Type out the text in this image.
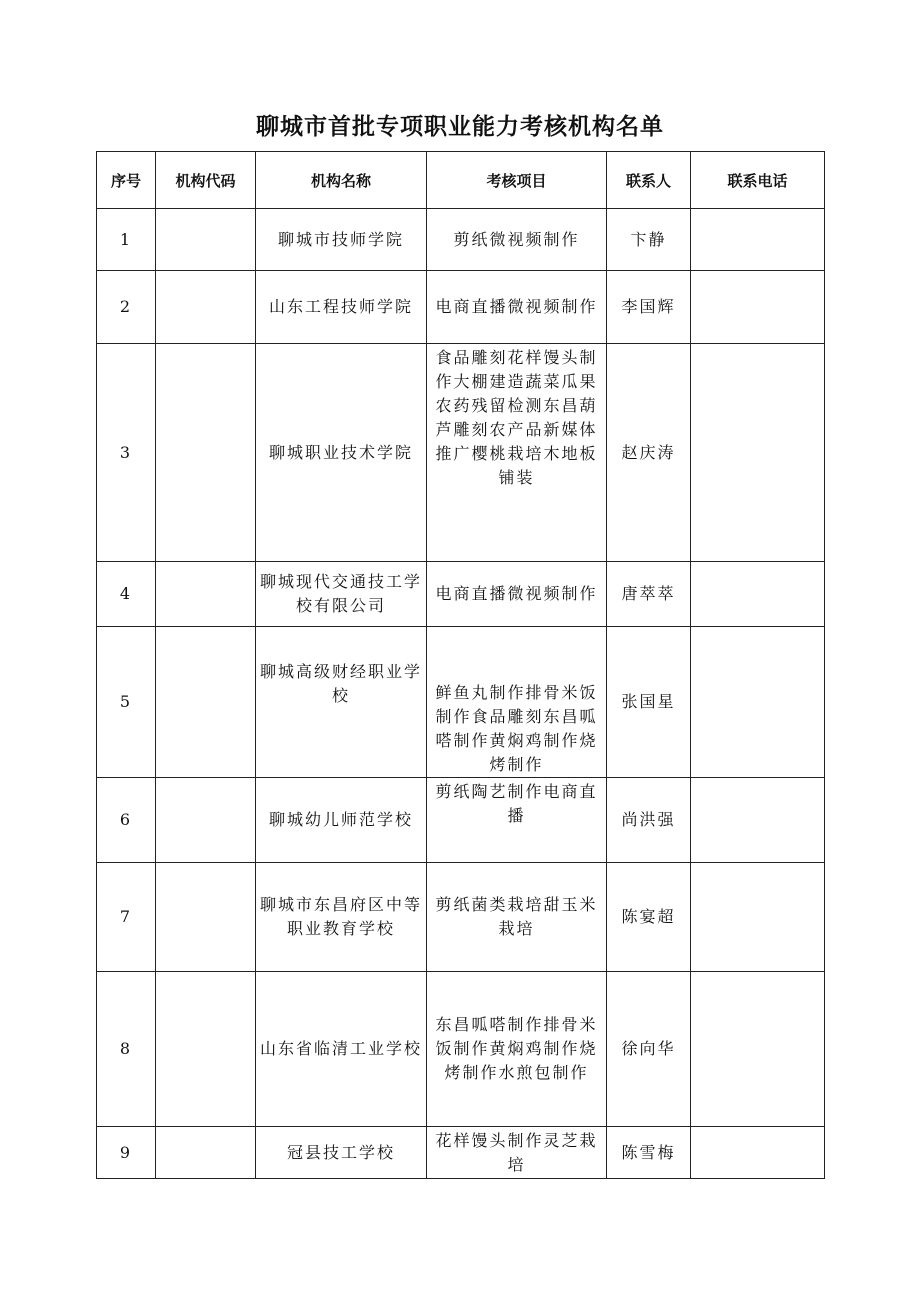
聊城市首批专项职业能力考核机构名单
序号	机构代码	机构名称	考核项目	联系人	联系电话
1		聊城市技师学院	剪纸微视频制作	卞静	
2		山东工程技师学院	电商直播微视频制作	李国辉	
3		聊城职业技术学院	食品雕刻花样馒头制作大棚建造蔬菜瓜果农药残留检测东昌葫芦雕刻农产品新媒体推广樱桃栽培木地板铺装	赵庆涛	
4		聊城现代交通技工学校有限公司	电商直播微视频制作	唐萃萃	
5		聊城高级财经职业学校	鲜鱼丸制作排骨米饭制作食品雕刻东昌呱嗒制作黄焖鸡制作烧烤制作	张国星	
6		聊城幼儿师范学校	剪纸陶艺制作电商直播	尚洪强	
7		聊城市东昌府区中等职业教育学校	剪纸菌类栽培甜玉米栽培	陈宴超	
8		山东省临清工业学校	东昌呱嗒制作排骨米饭制作黄焖鸡制作烧烤制作水煎包制作	徐向华	
9		冠县技工学校	花样馒头制作灵芝栽培	陈雪梅	
